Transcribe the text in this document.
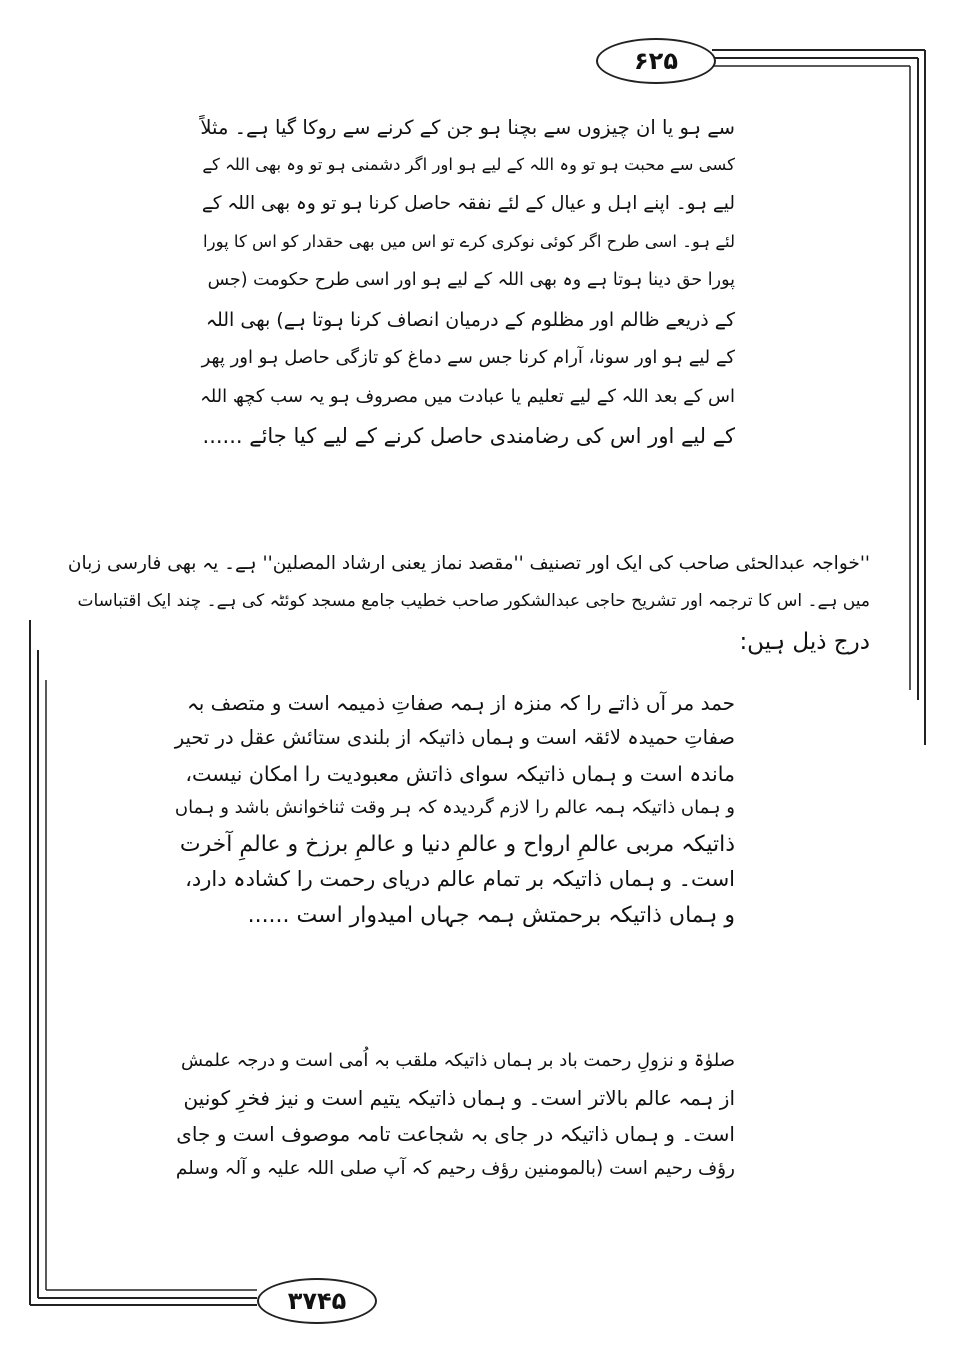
۶۲۵
۳۷۴۵
سے ہو یا ان چیزوں سے بچنا ہو جن کے کرنے سے روکا گیا ہے۔ مثلاً
کسی سے محبت ہو تو وہ اللہ کے لیے ہو اور اگر دشمنی ہو تو وہ بھی اللہ کے
لیے ہو۔ اپنے اہل و عیال کے لئے نفقہ حاصل کرنا ہو تو وہ بھی اللہ کے
لئے ہو۔ اسی طرح اگر کوئی نوکری کرے تو اس میں بھی حقدار کو اس کا پورا
پورا حق دینا ہوتا ہے وہ بھی اللہ کے لیے ہو اور اسی طرح حکومت (جس
کے ذریعے ظالم اور مظلوم کے درمیان انصاف کرنا ہوتا ہے) بھی اللہ
کے لیے ہو اور سونا، آرام کرنا جس سے دماغ کو تازگی حاصل ہو اور پھر
اس کے بعد اللہ کے لیے تعلیم یا عبادت میں مصروف ہو یہ سب کچھ اللہ
کے لیے اور اس کی رضامندی حاصل کرنے کے لیے کیا جائے ......
''خواجہ عبدالحئی صاحب کی ایک اور تصنیف ''مقصد نماز یعنی ارشاد المصلین'' ہے۔ یہ بھی فارسی زبان
میں ہے۔ اس کا ترجمہ اور تشریح حاجی عبدالشکور صاحب خطیب جامع مسجد کوئٹہ کی ہے۔ چند ایک اقتباسات
درج ذیل ہیں:
حمد مر آں ذاتے را کہ منزہ از ہمہ صفاتِ ذمیمہ است و متصف بہ
صفاتِ حمیدہ لائقہ است و ہماں ذاتیکہ از بلندی ستائش عقل در تحیر
ماندہ است و ہماں ذاتیکہ سوای ذاتش معبودیت را امکان نیست،
و ہماں ذاتیکہ ہمہ عالم را لازم گردیدہ کہ ہر وقت ثناخوانش باشد و ہماں
ذاتیکہ مربی عالمِ ارواح و عالمِ دنیا و عالمِ برزخ و عالمِ آخرت
است۔ و ہماں ذاتیکہ بر تمام عالم دریای رحمت را کشادہ دارد،
و ہماں ذاتیکہ برحمتش ہمہ جہاں امیدوار است ......
صلوٰۃ و نزولِ رحمت باد بر ہماں ذاتیکہ ملقب بہ اُمی است و درجہ علمش
از ہمہ عالم بالاتر است۔ و ہماں ذاتیکہ یتیم است و نیز فخرِ کونین
است۔ و ہماں ذاتیکہ در جای بہ شجاعت تامہ موصوف است و جای
رؤف رحیم است (بالمومنین رؤف رحیم کہ آپ صلی اللہ علیہ و آلہ وسلم
